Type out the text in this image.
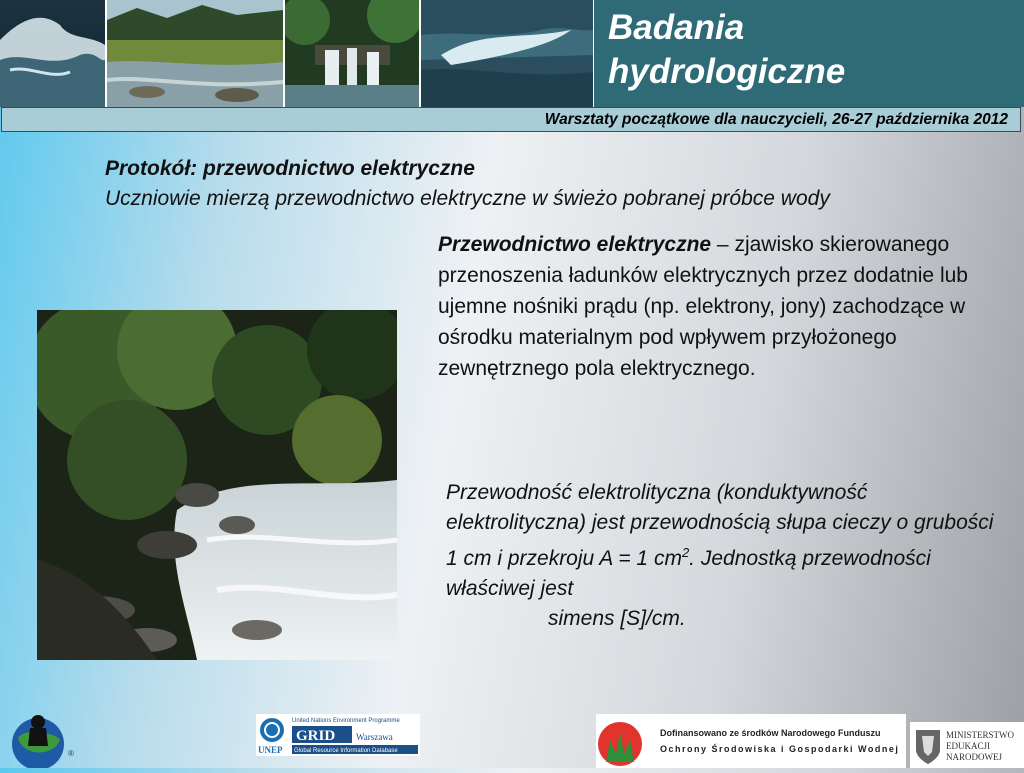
Badania
hydrologiczne
Warsztaty początkowe dla nauczycieli, 26-27 października 2012
Protokół: przewodnictwo elektryczne
Uczniowie mierzą przewodnictwo elektryczne w świeżo pobranej próbce wody
Przewodnictwo elektryczne – zjawisko skierowanego przenoszenia ładunków elektrycznych przez dodatnie lub ujemne nośniki prądu (np. elektrony, jony) zachodzące w ośrodku materialnym pod wpływem przyłożonego zewnętrznego pola elektrycznego.
Przewodność elektrolityczna (konduktywność elektrolityczna) jest przewodnością słupa cieczy o grubości 1 cm i przekroju A = 1 $cm^2$. Jednostką przewodności właściwej jest
simens [S]/cm.
®	UNEP
United Nations Environment Programme
GRID Warszawa
Global Resource Information Database
Dofinansowano ze środków Narodowego Funduszu
Ochrony Środowiska i Gospodarki Wodnej
MINISTERSTWO
EDUKACJI
NARODOWEJ
